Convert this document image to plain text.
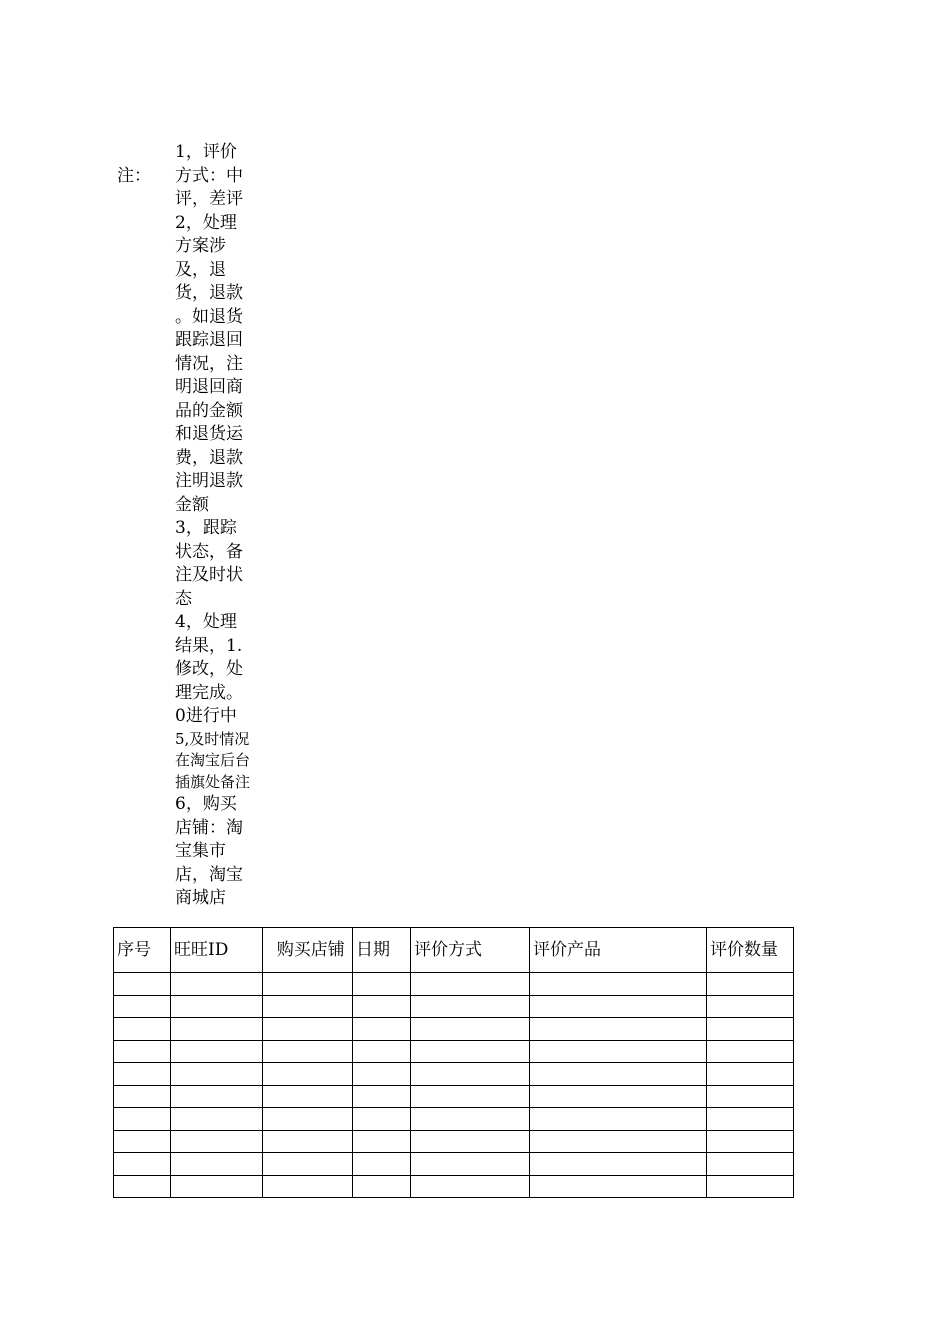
注：
1，评价
方式：中
评，差评
2，处理
方案涉
及，退
货，退款
。如退货
跟踪退回
情况，注
明退回商
品的金额
和退货运
费，退款
注明退款
金额
3，跟踪
状态，备
注及时状
态
4，处理
结果，1.
修改，处
理完成。
0进行中
5,及时情况
在淘宝后台
插旗处备注
6，购买
店铺：淘
宝集市
店，淘宝
商城店
序号	旺旺ID	购买店铺	日期	评价方式	评价产品	评价数量
